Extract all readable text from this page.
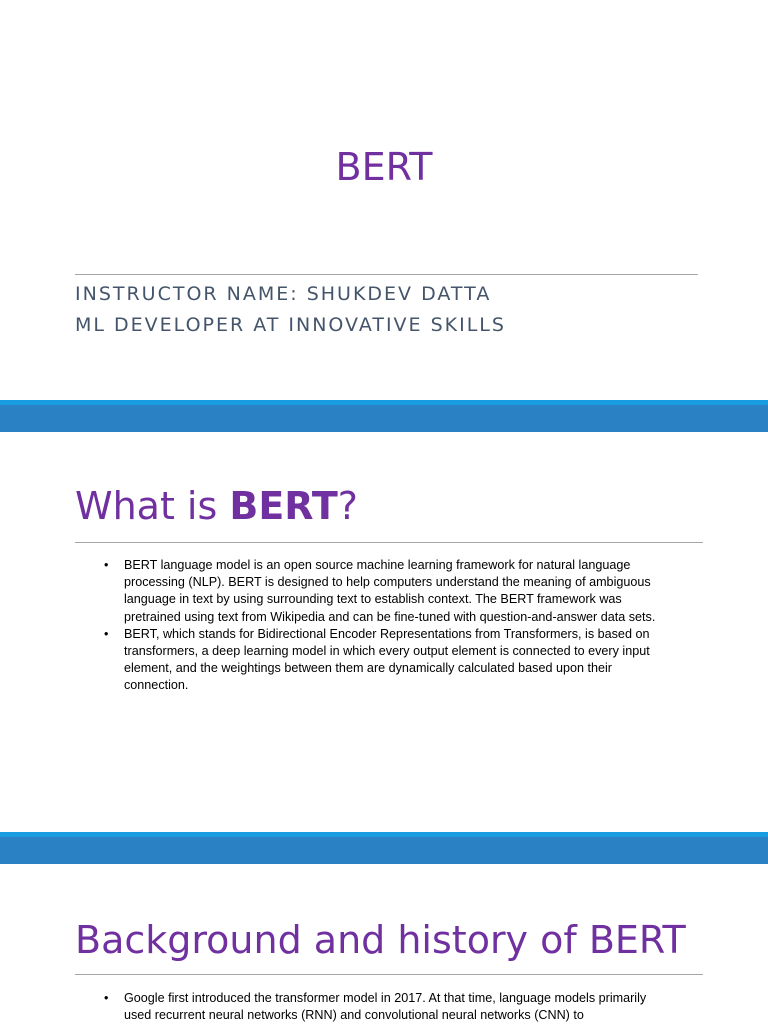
BERT
INSTRUCTOR NAME: SHUKDEV DATTA
ML DEVELOPER AT INNOVATIVE SKILLS
What is BERT?
• BERT language model is an open source machine learning framework for natural language processing (NLP). BERT is designed to help computers understand the meaning of ambiguous language in text by using surrounding text to establish context. The BERT framework was pretrained using text from Wikipedia and can be fine-tuned with question-and-answer data sets.
• BERT, which stands for Bidirectional Encoder Representations from Transformers, is based on transformers, a deep learning model in which every output element is connected to every input element, and the weightings between them are dynamically calculated based upon their connection.
Background and history of BERT
• Google first introduced the transformer model in 2017. At that time, language models primarily used recurrent neural networks (RNN) and convolutional neural networks (CNN) to
